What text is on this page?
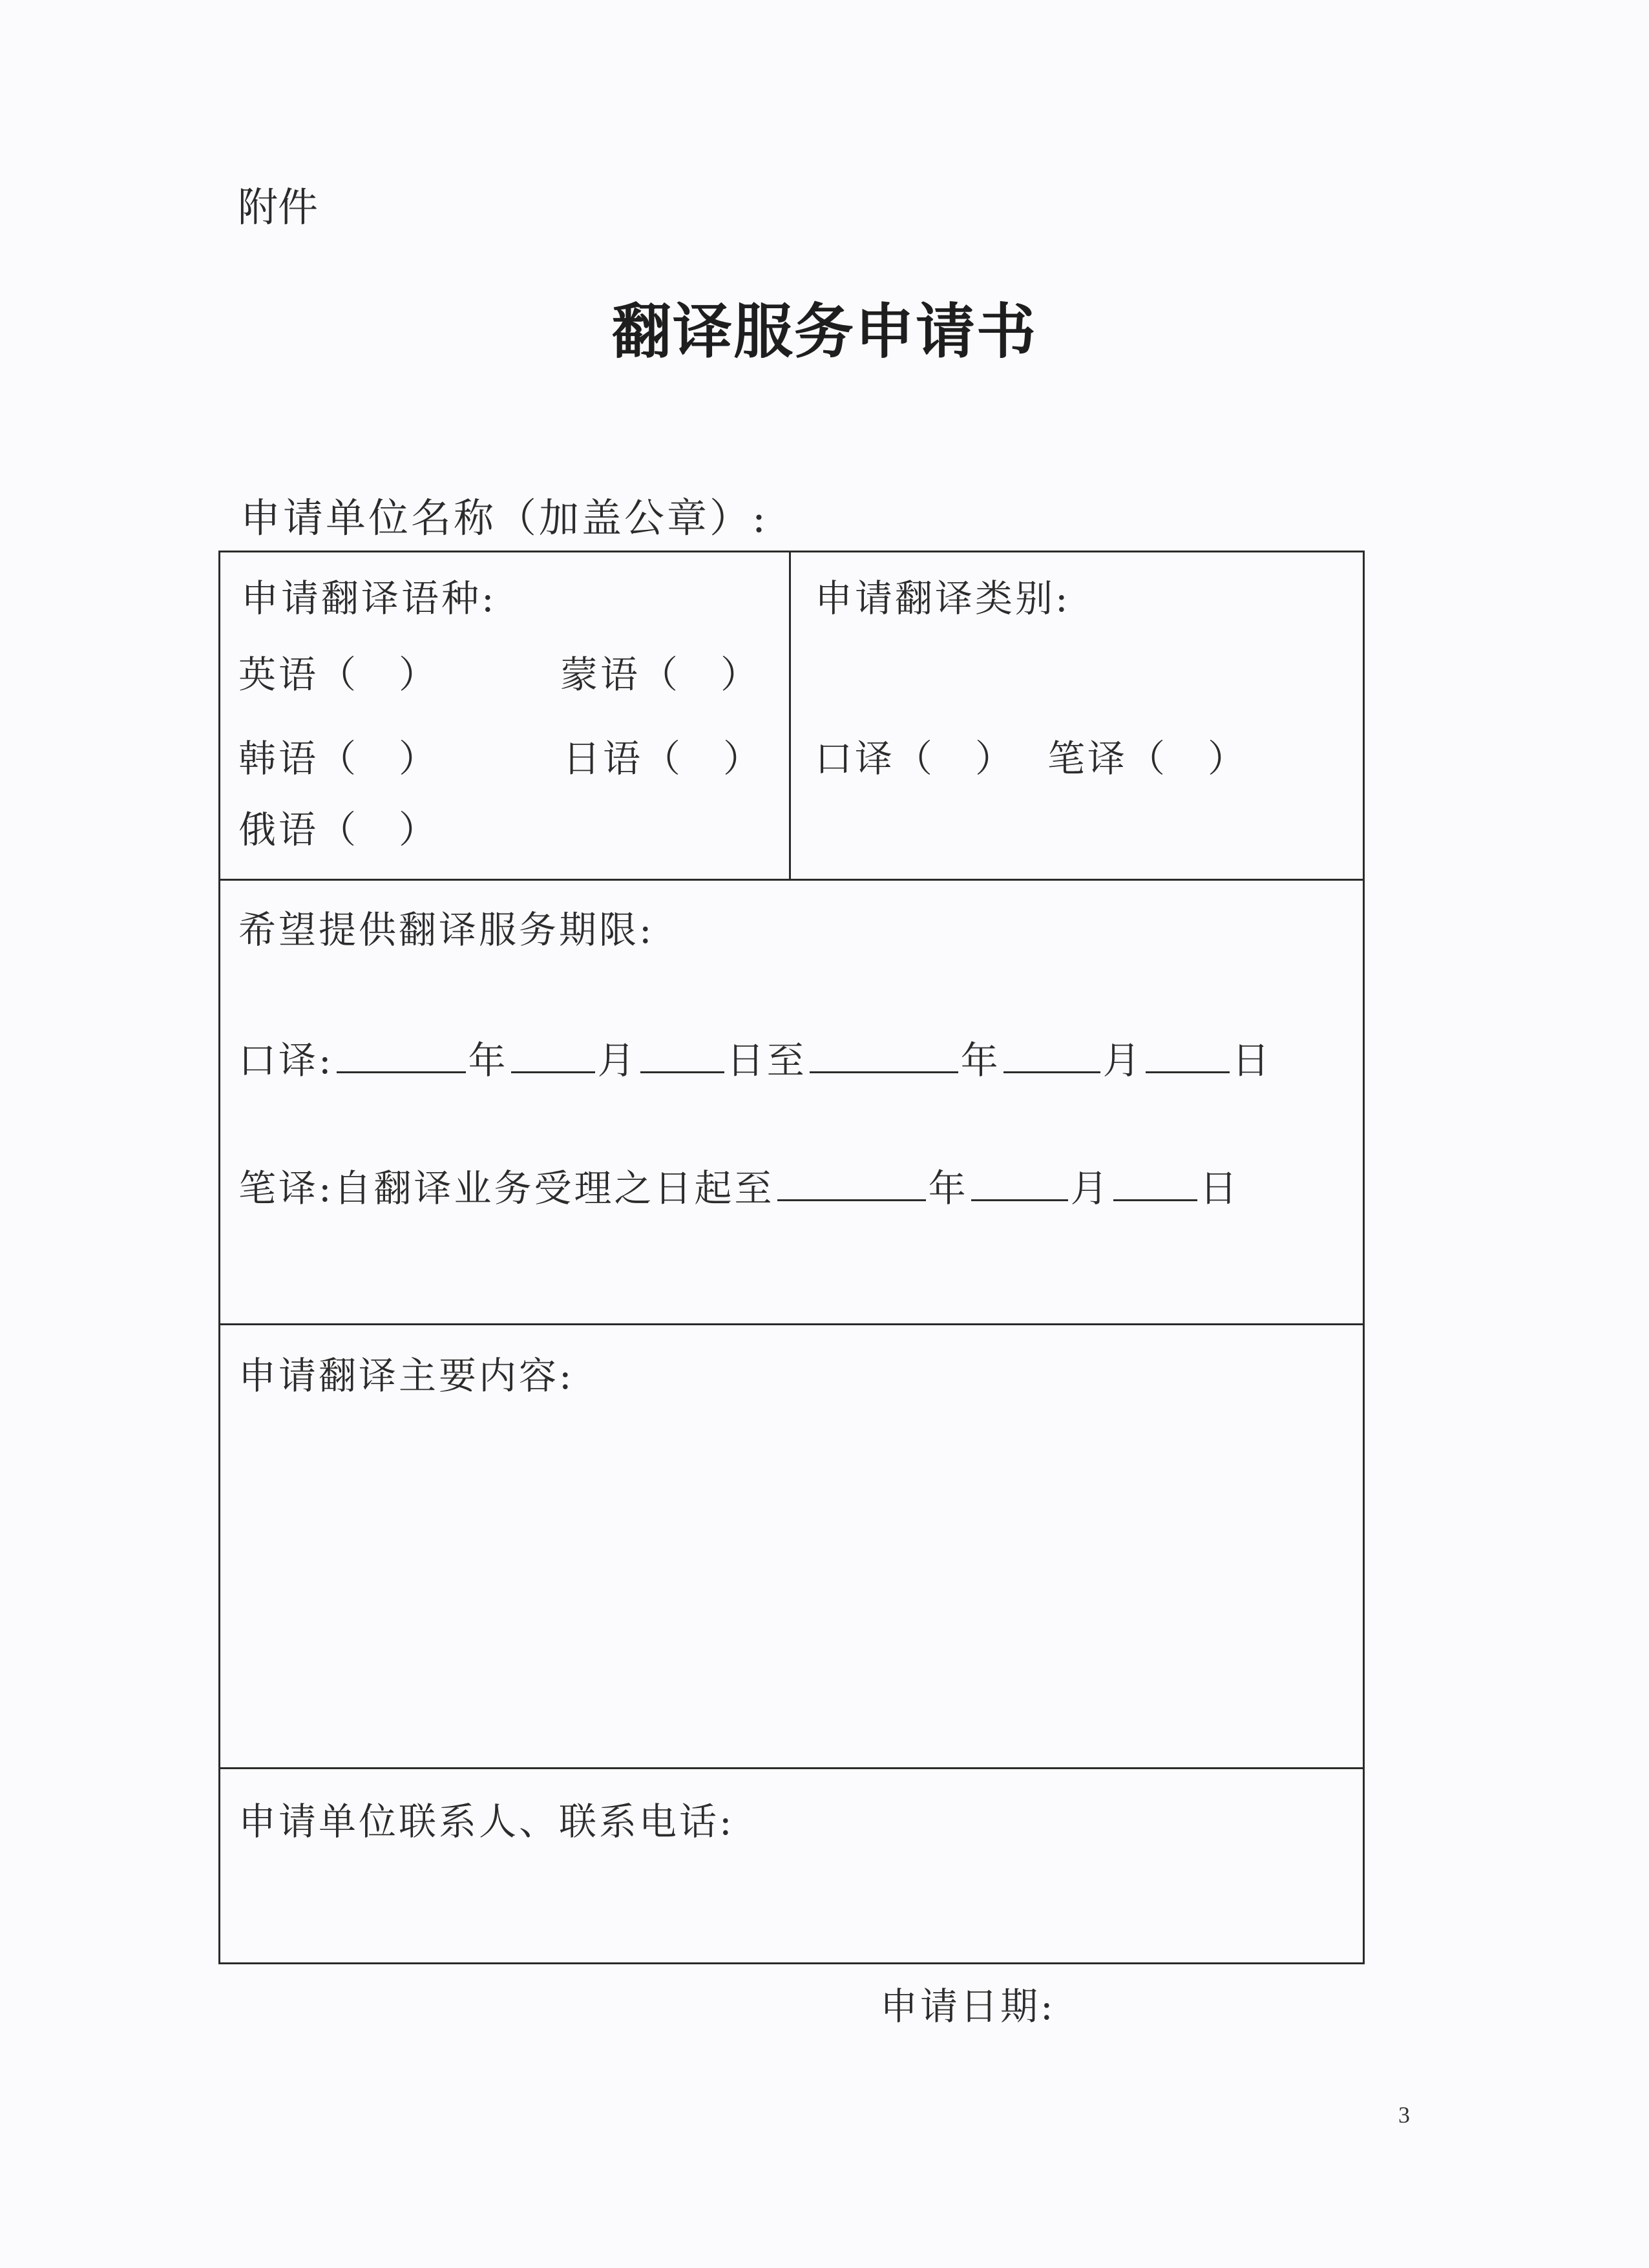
附件
翻译服务申请书
申请单位名称（加盖公章）:
申请翻译语种:
英语（　）	蒙语（　）
韩语（　）	日语（　）
俄语（　）
申请翻译类别:
口译（　） 笔译（　）
希望提供翻译服务期限:
口译:	年 月 日至	年	月 日
笔译:自翻译业务受理之日起至	年	月 日
申请翻译主要内容:
申请单位联系人、联系电话:
申请日期:
3
